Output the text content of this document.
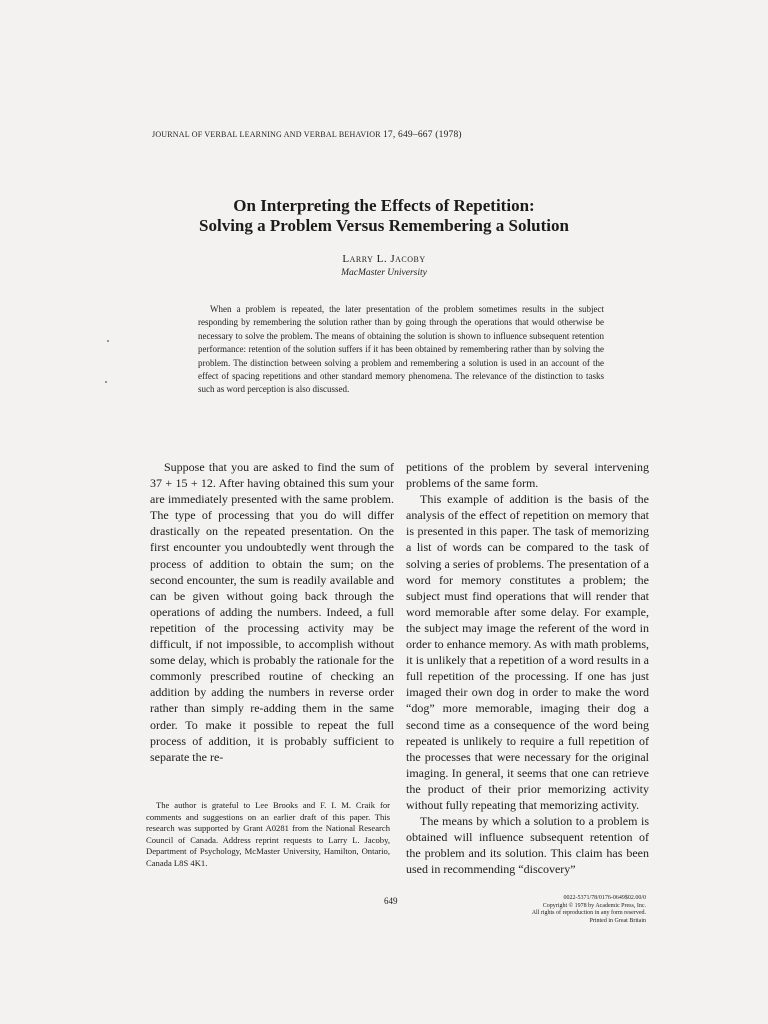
JOURNAL OF VERBAL LEARNING AND VERBAL BEHAVIOR 17, 649–667 (1978)
On Interpreting the Effects of Repetition:
Solving a Problem Versus Remembering a Solution
Larry L. Jacoby
MacMaster University

When a problem is repeated, the later presentation of the problem sometimes results in the subject responding by remembering the solution rather than by going through the operations that would otherwise be necessary to solve the problem. The means of obtaining the solution is shown to influence subsequent retention performance: retention of the solution suffers if it has been obtained by remembering rather than by solving the problem. The distinction between solving a problem and remembering a solution is used in an account of the effect of spacing repetitions and other standard memory phenomena. The relevance of the distinction to tasks such as word perception is also discussed.

Suppose that you are asked to find the sum of 37 + 15 + 12. After having obtained this sum your are immediately presented with the same problem. The type of processing that you do will differ drastically on the repeated presentation. On the first encounter you undoubtedly went through the process of addition to obtain the sum; on the second encounter, the sum is readily available and can be given without going back through the operations of adding the numbers. Indeed, a full repetition of the processing activity may be difficult, if not impossible, to accomplish without some delay, which is probably the rationale for the commonly prescribed routine of checking an addition by adding the numbers in reverse order rather than simply re-adding them in the same order. To make it possible to repeat the full process of addition, it is probably sufficient to separate the re-

petitions of the problem by several intervening problems of the same form.

This example of addition is the basis of the analysis of the effect of repetition on memory that is presented in this paper. The task of memorizing a list of words can be compared to the task of solving a series of problems. The presentation of a word for memory constitutes a problem; the subject must find operations that will render that word memorable after some delay. For example, the subject may image the referent of the word in order to enhance memory. As with math problems, it is unlikely that a repetition of a word results in a full repetition of the processing. If one has just imaged their own dog in order to make the word “dog” more memorable, imaging their dog a second time as a consequence of the word being repeated is unlikely to require a full repetition of the processes that were necessary for the original imaging. In general, it seems that one can retrieve the product of their prior memorizing activity without fully repeating that memorizing activity.

The means by which a solution to a problem is obtained will influence subsequent retention of the problem and its solution. This claim has been used in recommending “discovery”

The author is grateful to Lee Brooks and F. I. M. Craik for comments and suggestions on an earlier draft of this paper. This research was supported by Grant A0281 from the National Research Council of Canada. Address reprint requests to Larry L. Jacoby, Department of Psychology, McMaster University, Hamilton, Ontario, Canada L8S 4K1.

649	0022-5371/78/0176-0649$02.00/0
Copyright © 1978 by Academic Press, Inc.
All rights of reproduction in any form reserved.
Printed in Great Britain
